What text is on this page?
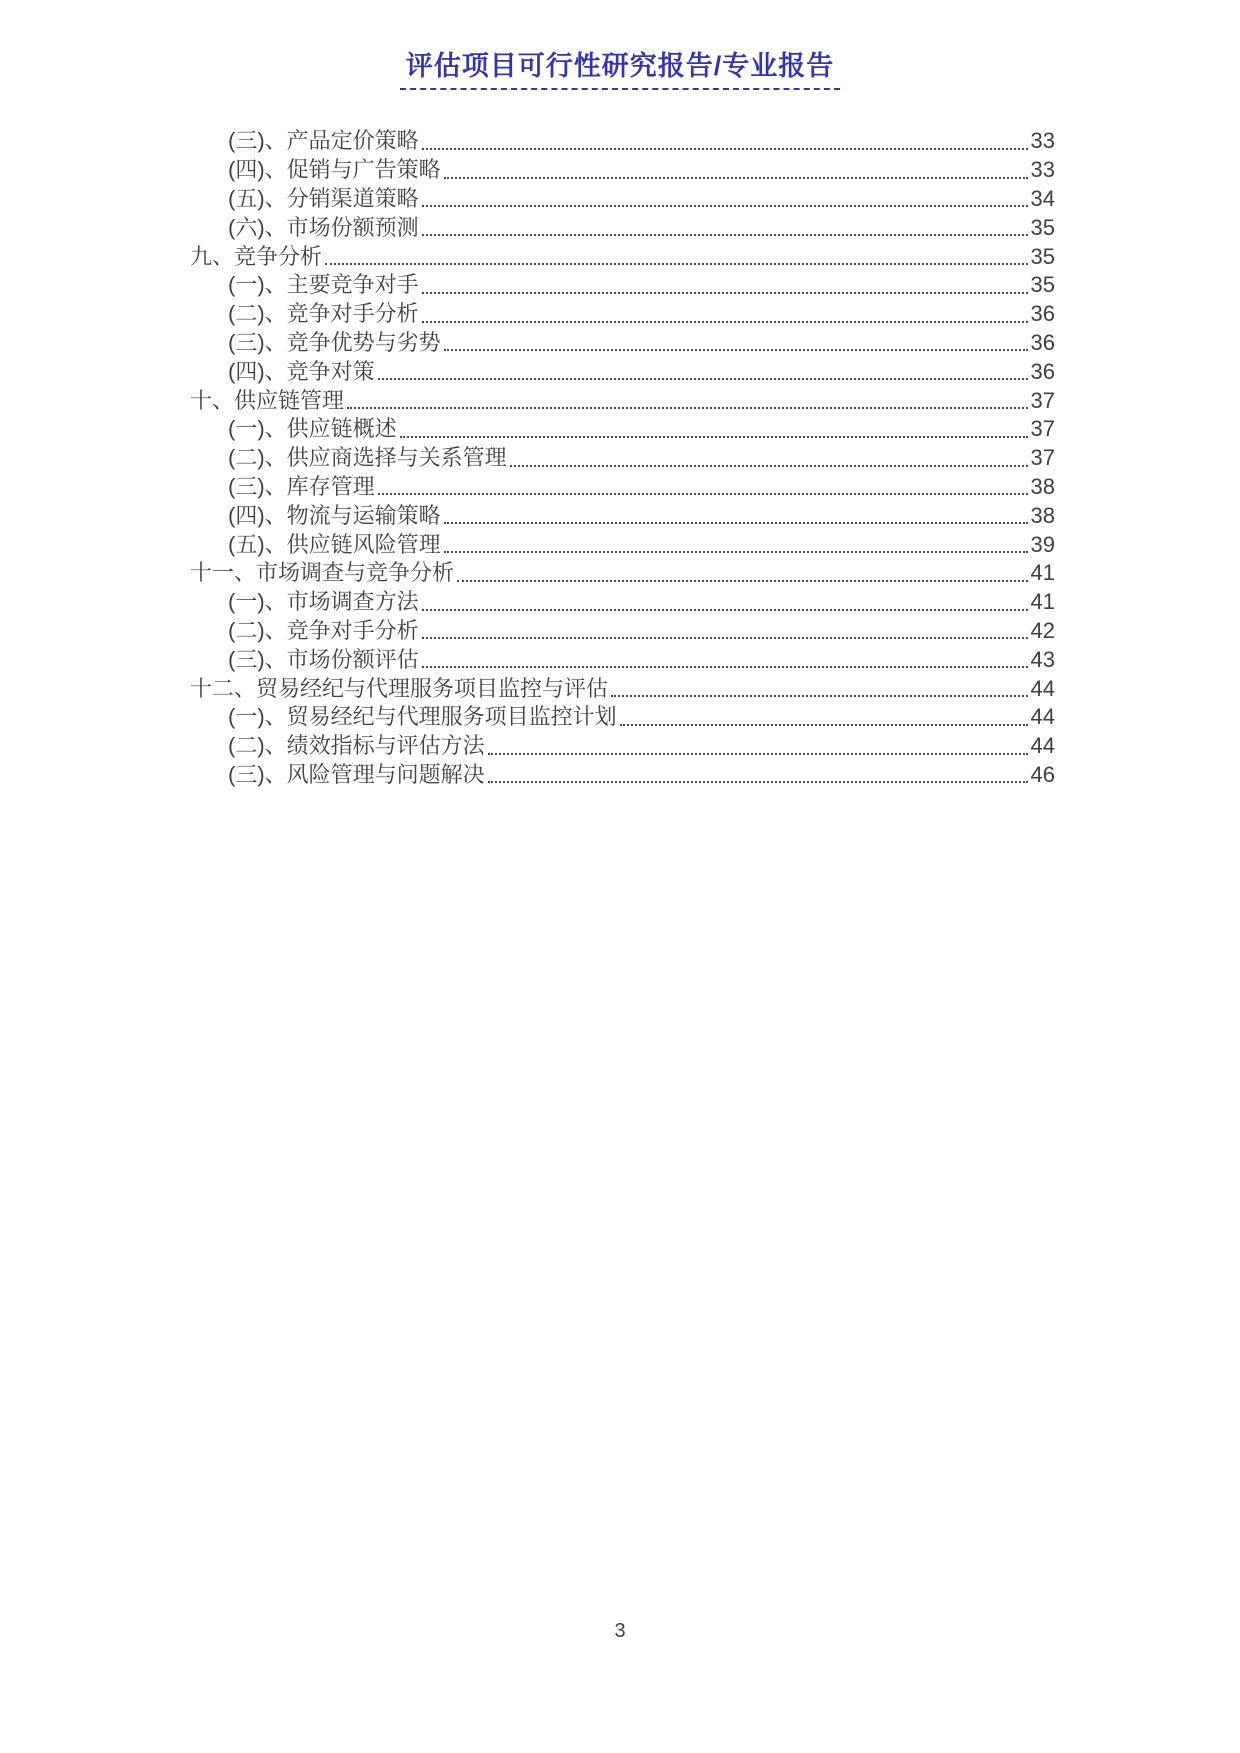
评估项目可行性研究报告/专业报告
(三)、产品定价策略	33
(四)、促销与广告策略	33
(五)、分销渠道策略	34
(六)、市场份额预测	35
九、竞争分析	35
(一)、主要竞争对手	35
(二)、竞争对手分析	36
(三)、竞争优势与劣势	36
(四)、竞争对策	36
十、供应链管理	37
(一)、供应链概述	37
(二)、供应商选择与关系管理	37
(三)、库存管理	38
(四)、物流与运输策略	38
(五)、供应链风险管理	39
十一、市场调查与竞争分析	41
(一)、市场调查方法	41
(二)、竞争对手分析	42
(三)、市场份额评估	43
十二、贸易经纪与代理服务项目监控与评估	44
(一)、贸易经纪与代理服务项目监控计划	44
(二)、绩效指标与评估方法	44
(三)、风险管理与问题解决	46
3
